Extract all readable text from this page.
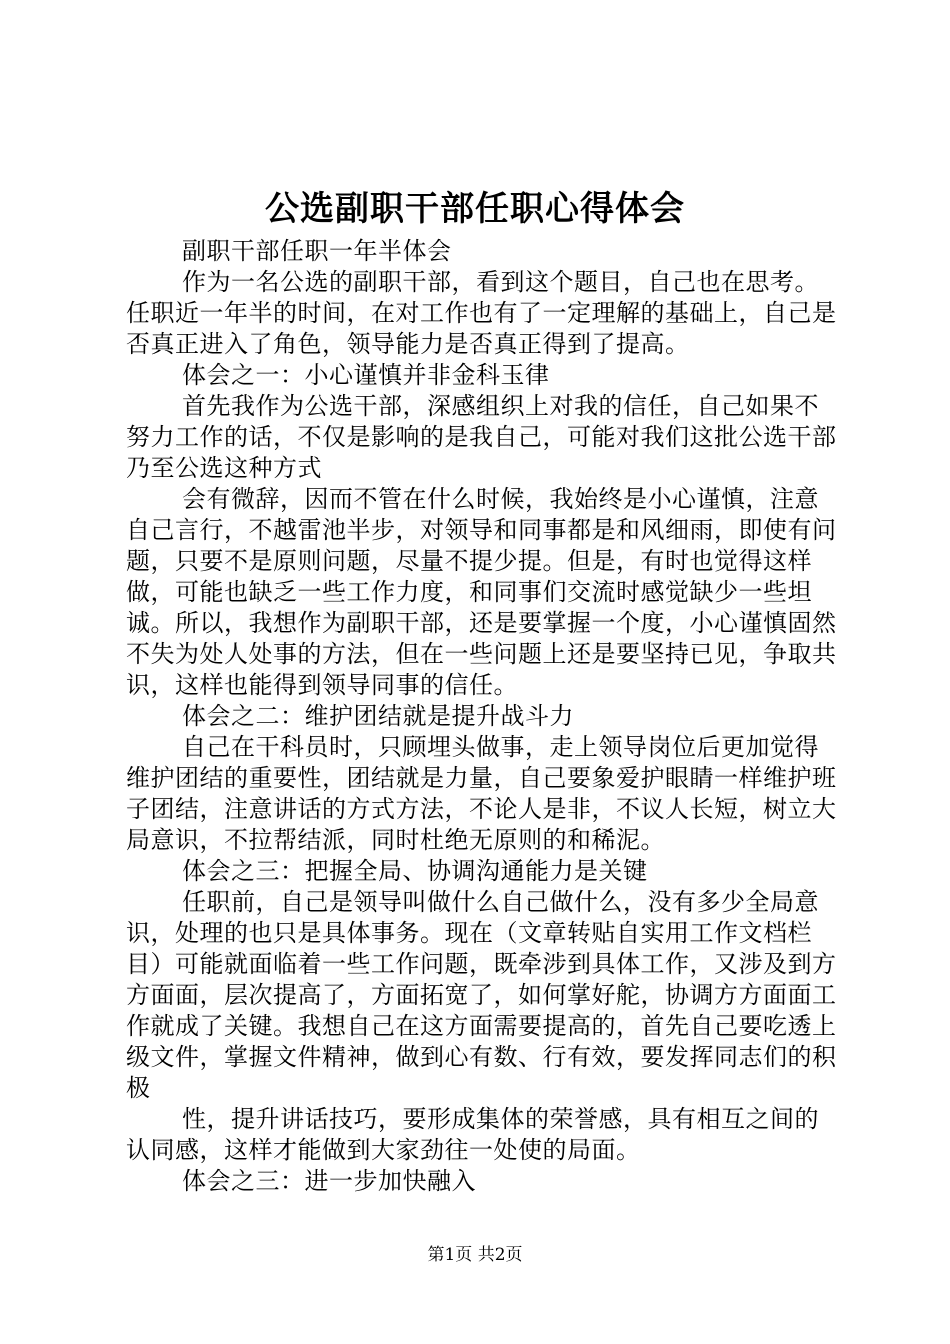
公选副职干部任职心得体会

副职干部任职一年半体会

作为一名公选的副职干部，看到这个题目，自己也在思考。任职近一年半的时间，在对工作也有了一定理解的基础上，自己是否真正进入了角色，领导能力是否真正得到了提高。

体会之一：小心谨慎并非金科玉律

首先我作为公选干部，深感组织上对我的信任，自己如果不努力工作的话，不仅是影响的是我自己，可能对我们这批公选干部乃至公选这种方式

会有微辞，因而不管在什么时候，我始终是小心谨慎，注意自己言行，不越雷池半步，对领导和同事都是和风细雨，即使有问题，只要不是原则问题，尽量不提少提。但是，有时也觉得这样做，可能也缺乏一些工作力度，和同事们交流时感觉缺少一些坦诚。所以，我想作为副职干部，还是要掌握一个度，小心谨慎固然不失为处人处事的方法，但在一些问题上还是要坚持已见，争取共识，这样也能得到领导同事的信任。

体会之二：维护团结就是提升战斗力

自己在干科员时，只顾埋头做事，走上领导岗位后更加觉得维护团结的重要性，团结就是力量，自己要象爱护眼睛一样维护班子团结，注意讲话的方式方法，不论人是非，不议人长短，树立大局意识，不拉帮结派，同时杜绝无原则的和稀泥。

体会之三：把握全局、协调沟通能力是关键

任职前，自己是领导叫做什么自己做什么，没有多少全局意识，处理的也只是具体事务。现在（文章转贴自实用工作文档栏目）可能就面临着一些工作问题，既牵涉到具体工作，又涉及到方方面面，层次提高了，方面拓宽了，如何掌好舵，协调方方面面工作就成了关键。我想自己在这方面需要提高的，首先自己要吃透上级文件，掌握文件精神，做到心有数、行有效，要发挥同志们的积极

性，提升讲话技巧，要形成集体的荣誉感，具有相互之间的认同感，这样才能做到大家劲往一处使的局面。

体会之三：进一步加快融入

第1页 共2页
